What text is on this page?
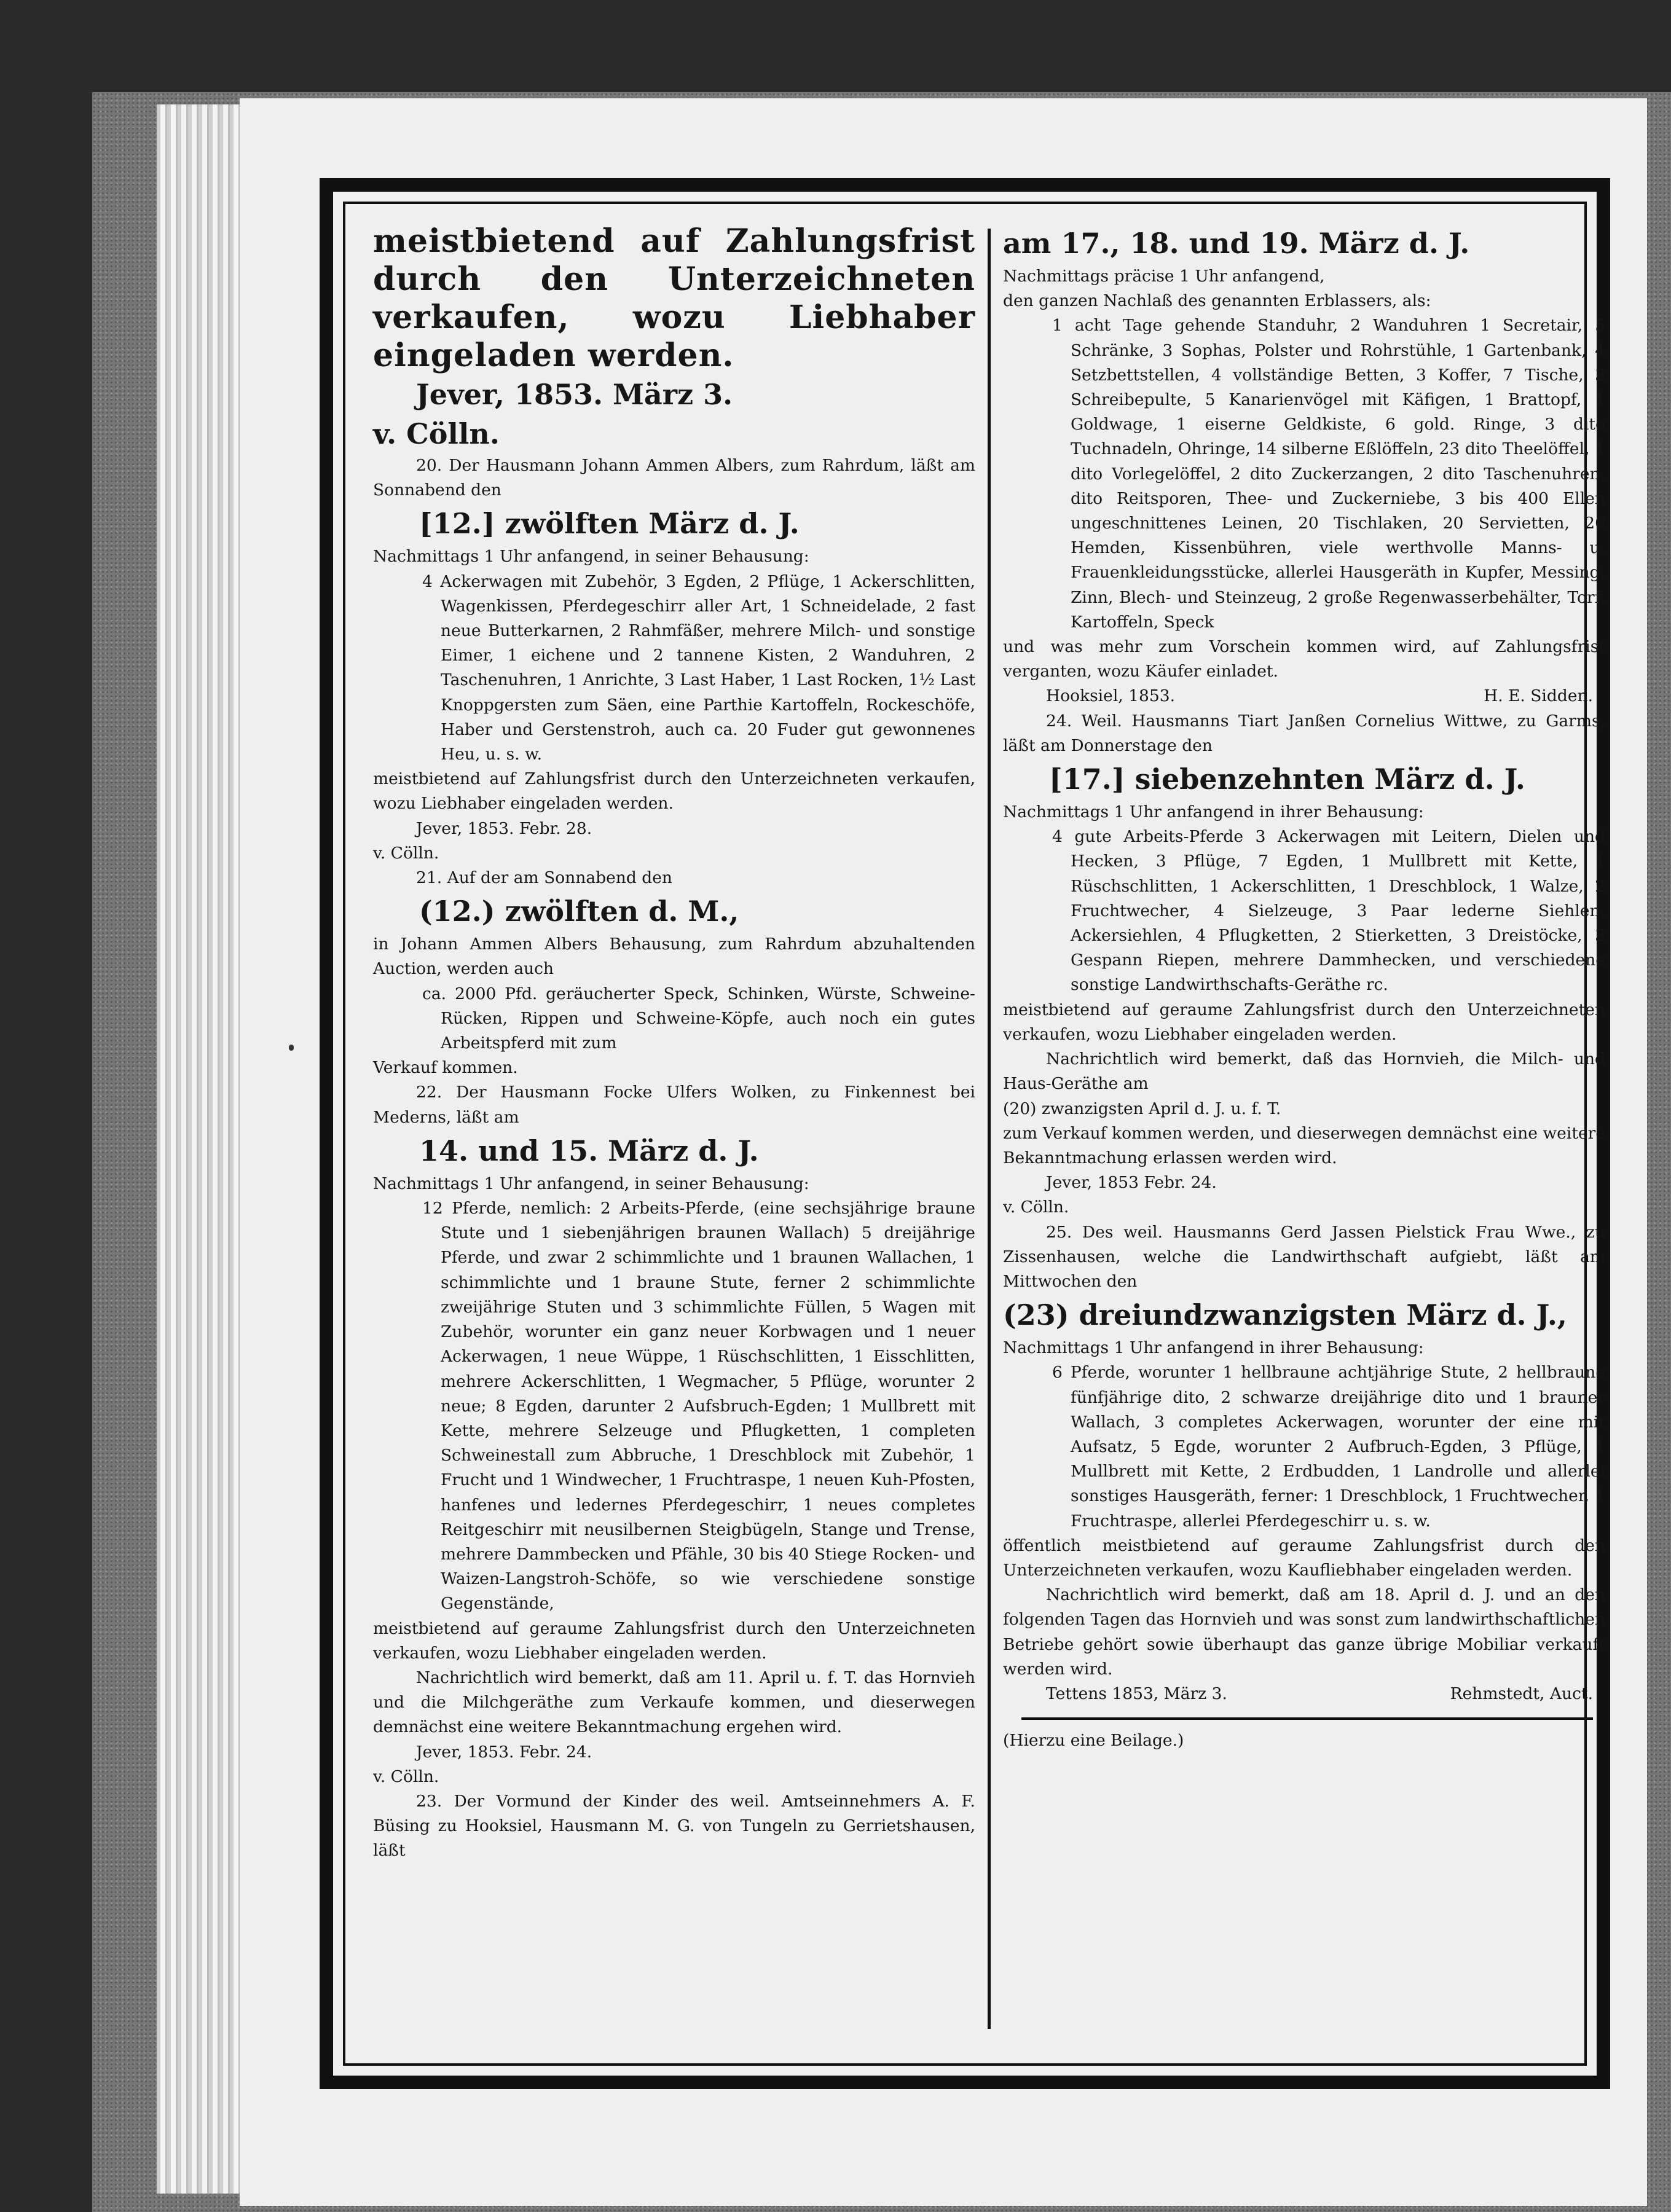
meistbietend auf Zahlungsfrist durch den Unterzeichneten verkaufen, wozu Liebhaber eingeladen werden.

Jever, 1853. März 3.

v. Cölln.

20. Der Hausmann Johann Ammen Albers, zum Rahrdum, läßt am Sonnabend den

[12.] zwölften März d. J.

Nachmittags 1 Uhr anfangend, in seiner Behausung:

4 Ackerwagen mit Zubehör, 3 Egden, 2 Pflüge, 1 Ackerschlitten, Wagenkissen, Pferdegeschirr aller Art, 1 Schneidelade, 2 fast neue Butterkarnen, 2 Rahmfäßer, mehrere Milch- und sonstige Eimer, 1 eichene und 2 tannene Kisten, 2 Wanduhren, 2 Taschenuhren, 1 Anrichte, 3 Last Haber, 1 Last Rocken, 1½ Last Knoppgersten zum Säen, eine Parthie Kartoffeln, Rockeschöfe, Haber und Gerstenstroh, auch ca. 20 Fuder gut gewonnenes Heu, u. s. w.

meistbietend auf Zahlungsfrist durch den Unterzeichneten verkaufen, wozu Liebhaber eingeladen werden.

Jever, 1853. Febr. 28.

v. Cölln.

21. Auf der am Sonnabend den

(12.) zwölften d. M.,

in Johann Ammen Albers Behausung, zum Rahrdum abzuhaltenden Auction, werden auch

ca. 2000 Pfd. geräucherter Speck, Schinken, Würste, Schweine-Rücken, Rippen und Schweine-Köpfe, auch noch ein gutes Arbeitspferd mit zum

Verkauf kommen.

22. Der Hausmann Focke Ulfers Wolken, zu Finkennest bei Mederns, läßt am

14. und 15. März d. J.

Nachmittags 1 Uhr anfangend, in seiner Behausung:

12 Pferde, nemlich: 2 Arbeits-Pferde, (eine sechsjährige braune Stute und 1 siebenjährigen braunen Wallach) 5 dreijährige Pferde, und zwar 2 schimmlichte und 1 braunen Wallachen, 1 schimmlichte und 1 braune Stute, ferner 2 schimmlichte zweijährige Stuten und 3 schimmlichte Füllen, 5 Wagen mit Zubehör, worunter ein ganz neuer Korbwagen und 1 neuer Ackerwagen, 1 neue Wüppe, 1 Rüschschlitten, 1 Eisschlitten, mehrere Ackerschlitten, 1 Wegmacher, 5 Pflüge, worunter 2 neue; 8 Egden, darunter 2 Aufsbruch-Egden; 1 Mullbrett mit Kette, mehrere Selzeuge und Pflugketten, 1 completen Schweinestall zum Abbruche, 1 Dreschblock mit Zubehör, 1 Frucht und 1 Windwecher, 1 Fruchtraspe, 1 neuen Kuh-Pfosten, hanfenes und ledernes Pferdegeschirr, 1 neues completes Reitgeschirr mit neusilbernen Steigbügeln, Stange und Trense, mehrere Dammbecken und Pfähle, 30 bis 40 Stiege Rocken- und Waizen-Langstroh-Schöfe, so wie verschiedene sonstige Gegenstände,

meistbietend auf geraume Zahlungsfrist durch den Unterzeichneten verkaufen, wozu Liebhaber eingeladen werden.

Nachrichtlich wird bemerkt, daß am 11. April u. f. T. das Hornvieh und die Milchgeräthe zum Verkaufe kommen, und dieserwegen demnächst eine weitere Bekanntmachung ergehen wird.

Jever, 1853. Febr. 24.

v. Cölln.

23. Der Vormund der Kinder des weil. Amtseinnehmers A. F. Büsing zu Hooksiel, Hausmann M. G. von Tungeln zu Gerrietshausen, läßt

am 17., 18. und 19. März d. J.

Nachmittags präcise 1 Uhr anfangend,

den ganzen Nachlaß des genannten Erblassers, als:

1 acht Tage gehende Standuhr, 2 Wanduhren 1 Secretair, 5 Schränke, 3 Sophas, Polster und Rohrstühle, 1 Gartenbank, 4 Setzbettstellen, 4 vollständige Betten, 3 Koffer, 7 Tische, 3 Schreibepulte, 5 Kanarienvögel mit Käfigen, 1 Brattopf, 1 Goldwage, 1 eiserne Geldkiste, 6 gold. Ringe, 3 dito Tuchnadeln, Ohringe, 14 silberne Eßlöffeln, 23 dito Theelöffel, 1 dito Vorlegelöffel, 2 dito Zuckerzangen, 2 dito Taschenuhren, dito Reitsporen, Thee- und Zuckerniebe, 3 bis 400 Ellen ungeschnittenes Leinen, 20 Tischlaken, 20 Servietten, 20 Hemden, Kissenbühren, viele werthvolle Manns- u. Frauenkleidungsstücke, allerlei Hausgeräth in Kupfer, Messing, Zinn, Blech- und Steinzeug, 2 große Regenwasserbehälter, Torf, Kartoffeln, Speck

und was mehr zum Vorschein kommen wird, auf Zahlungsfrist verganten, wozu Käufer einladet.

Hooksiel, 1853.	H. E. Sidden.

24. Weil. Hausmanns Tiart Janßen Cornelius Wittwe, zu Garms, läßt am Donnerstage den

[17.] siebenzehnten März d. J.

Nachmittags 1 Uhr anfangend in ihrer Behausung:

4 gute Arbeits-Pferde 3 Ackerwagen mit Leitern, Dielen und Hecken, 3 Pflüge, 7 Egden, 1 Mullbrett mit Kette, 1 Rüschschlitten, 1 Ackerschlitten, 1 Dreschblock, 1 Walze, 2 Fruchtwecher, 4 Sielzeuge, 3 Paar lederne Siehlen, Ackersiehlen, 4 Pflugketten, 2 Stierketten, 3 Dreistöcke, 3 Gespann Riepen, mehrere Dammhecken, und verschiedene sonstige Landwirthschafts-Geräthe rc.

meistbietend auf geraume Zahlungsfrist durch den Unterzeichneten verkaufen, wozu Liebhaber eingeladen werden.

Nachrichtlich wird bemerkt, daß das Hornvieh, die Milch- und Haus-Geräthe am

(20) zwanzigsten April d. J. u. f. T.

zum Verkauf kommen werden, und dieserwegen demnächst eine weitere Bekanntmachung erlassen werden wird.

Jever, 1853 Febr. 24.

v. Cölln.

25. Des weil. Hausmanns Gerd Jassen Pielstick Frau Wwe., zu Zissenhausen, welche die Landwirthschaft aufgiebt, läßt am Mittwochen den

(23) dreiundzwanzigsten März d. J.,

Nachmittags 1 Uhr anfangend in ihrer Behausung:

6 Pferde, worunter 1 hellbraune achtjährige Stute, 2 hellbraune fünfjährige dito, 2 schwarze dreijährige dito und 1 brauner Wallach, 3 completes Ackerwagen, worunter der eine mit Aufsatz, 5 Egde, worunter 2 Aufbruch-Egden, 3 Pflüge, 1 Mullbrett mit Kette, 2 Erdbudden, 1 Landrolle und allerlei sonstiges Hausgeräth, ferner: 1 Dreschblock, 1 Fruchtwecher, 1 Fruchtraspe, allerlei Pferdegeschirr u. s. w.

öffentlich meistbietend auf geraume Zahlungsfrist durch den Unterzeichneten verkaufen, wozu Kaufliebhaber eingeladen werden.

Nachrichtlich wird bemerkt, daß am 18. April d. J. und an den folgenden Tagen das Hornvieh und was sonst zum landwirthschaftlichen Betriebe gehört sowie überhaupt das ganze übrige Mobiliar verkauft werden wird.

Tettens 1853, März 3.	Rehmstedt, Auct.

(Hierzu eine Beilage.)
